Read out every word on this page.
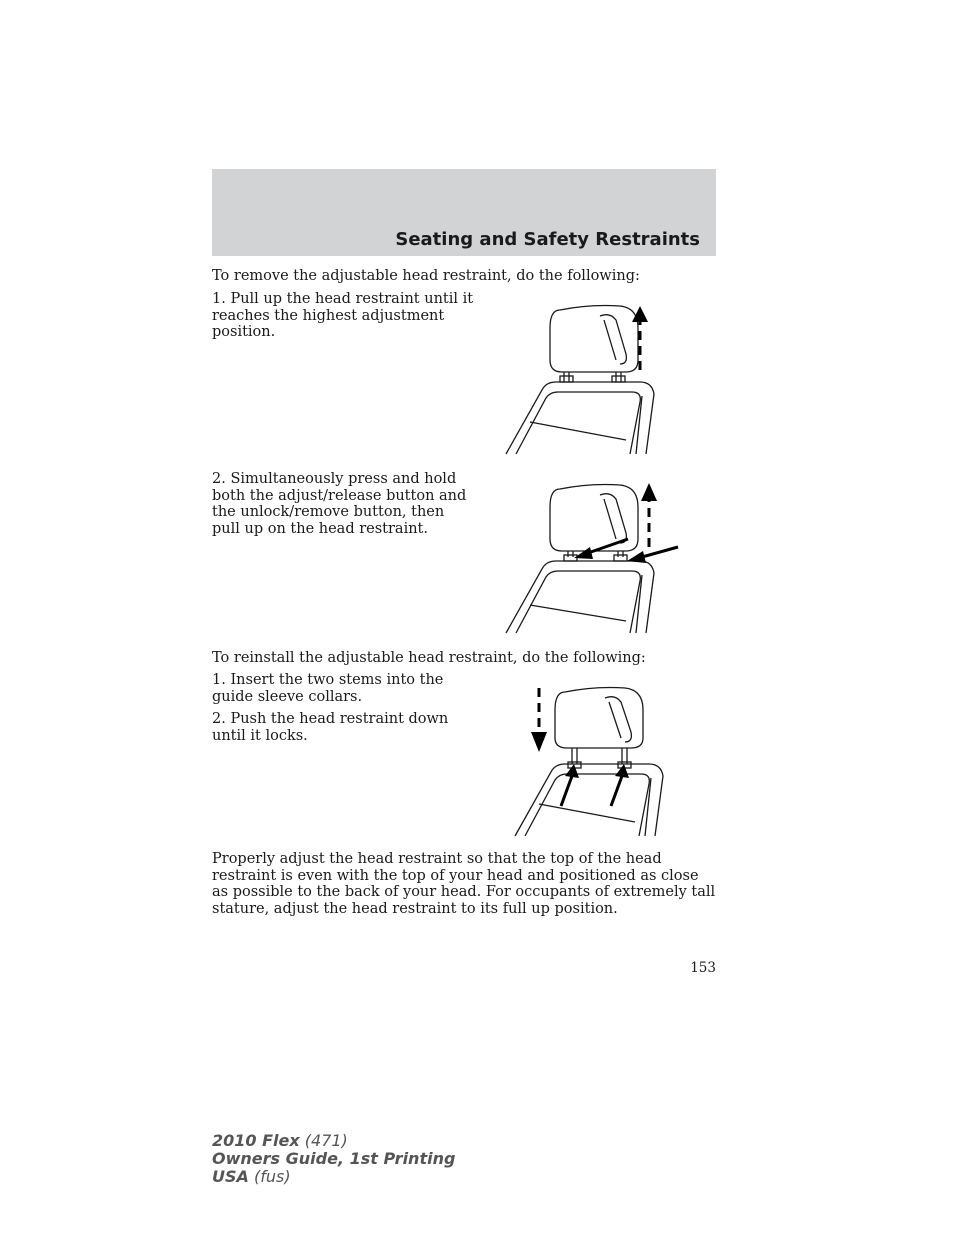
Seating and Safety Restraints

To remove the adjustable head restraint, do the following:

1. Pull up the head restraint until it reaches the highest adjustment position.

2. Simultaneously press and hold both the adjust/release button and the unlock/remove button, then pull up on the head restraint.

To reinstall the adjustable head restraint, do the following:

1. Insert the two stems into the guide sleeve collars.

2. Push the head restraint down until it locks.

Properly adjust the head restraint so that the top of the head restraint is even with the top of your head and positioned as close as possible to the back of your head. For occupants of extremely tall stature, adjust the head restraint to its full up position.

153

2010 Flex (471)
Owners Guide, 1st Printing
USA (fus)
